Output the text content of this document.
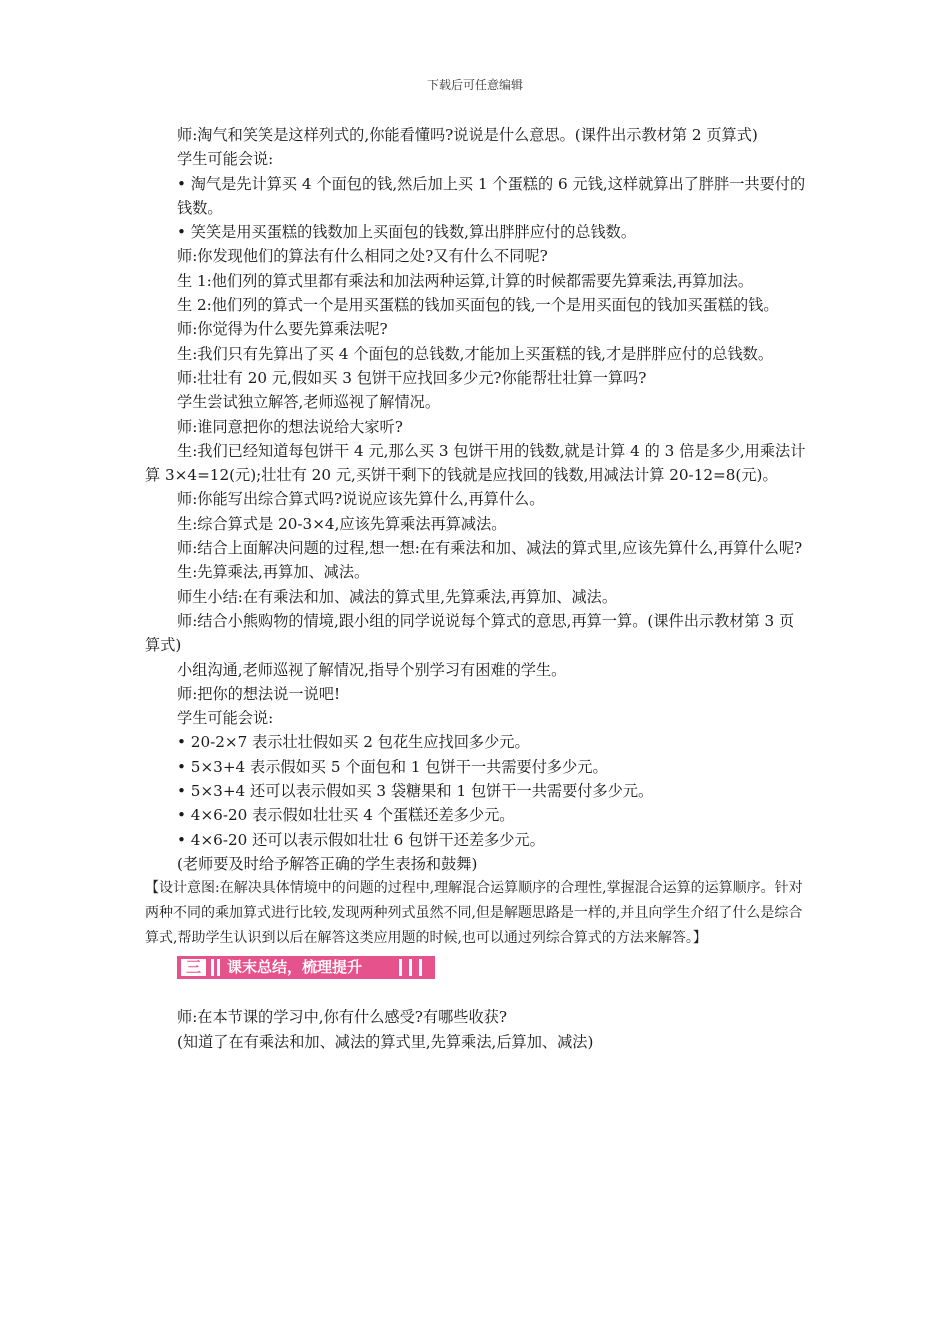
下载后可任意编辑

师:淘气和笑笑是这样列式的,你能看懂吗?说说是什么意思。(课件出示教材第 2 页算式)

学生可能会说:

• 淘气是先计算买 4 个面包的钱,然后加上买 1 个蛋糕的 6 元钱,这样就算出了胖胖一共要付的钱数。

• 笑笑是用买蛋糕的钱数加上买面包的钱数,算出胖胖应付的总钱数。

师:你发现他们的算法有什么相同之处?又有什么不同呢?

生 1:他们列的算式里都有乘法和加法两种运算,计算的时候都需要先算乘法,再算加法。

生 2:他们列的算式一个是用买蛋糕的钱加买面包的钱,一个是用买面包的钱加买蛋糕的钱。

师:你觉得为什么要先算乘法呢?

生:我们只有先算出了买 4 个面包的总钱数,才能加上买蛋糕的钱,才是胖胖应付的总钱数。

师:壮壮有 20 元,假如买 3 包饼干应找回多少元?你能帮壮壮算一算吗?

学生尝试独立解答,老师巡视了解情况。

师:谁同意把你的想法说给大家听?

生:我们已经知道每包饼干 4 元,那么买 3 包饼干用的钱数,就是计算 4 的 3 倍是多少,用乘法计算 3×4=12(元);壮壮有 20 元,买饼干剩下的钱就是应找回的钱数,用减法计算 20-12=8(元)。

师:你能写出综合算式吗?说说应该先算什么,再算什么。

生:综合算式是 20-3×4,应该先算乘法再算减法。

师:结合上面解决问题的过程,想一想:在有乘法和加、减法的算式里,应该先算什么,再算什么呢?

生:先算乘法,再算加、减法。

师生小结:在有乘法和加、减法的算式里,先算乘法,再算加、减法。

师:结合小熊购物的情境,跟小组的同学说说每个算式的意思,再算一算。(课件出示教材第 3 页算式)

小组沟通,老师巡视了解情况,指导个别学习有困难的学生。

师:把你的想法说一说吧!

学生可能会说:

• 20-2×7 表示壮壮假如买 2 包花生应找回多少元。

• 5×3+4 表示假如买 5 个面包和 1 包饼干一共需要付多少元。

• 5×3+4 还可以表示假如买 3 袋糖果和 1 包饼干一共需要付多少元。

• 4×6-20 表示假如壮壮买 4 个蛋糕还差多少元。

• 4×6-20 还可以表示假如壮壮 6 包饼干还差多少元。

(老师要及时给予解答正确的学生表扬和鼓舞)

【设计意图:在解决具体情境中的问题的过程中,理解混合运算顺序的合理性,掌握混合运算的运算顺序。针对两种不同的乘加算式进行比较,发现两种列式虽然不同,但是解题思路是一样的,并且向学生介绍了什么是综合算式,帮助学生认识到以后在解答这类应用题的时候,也可以通过列综合算式的方法来解答。】

三	课末总结，梳理提升

师:在本节课的学习中,你有什么感受?有哪些收获?

(知道了在有乘法和加、减法的算式里,先算乘法,后算加、减法)
